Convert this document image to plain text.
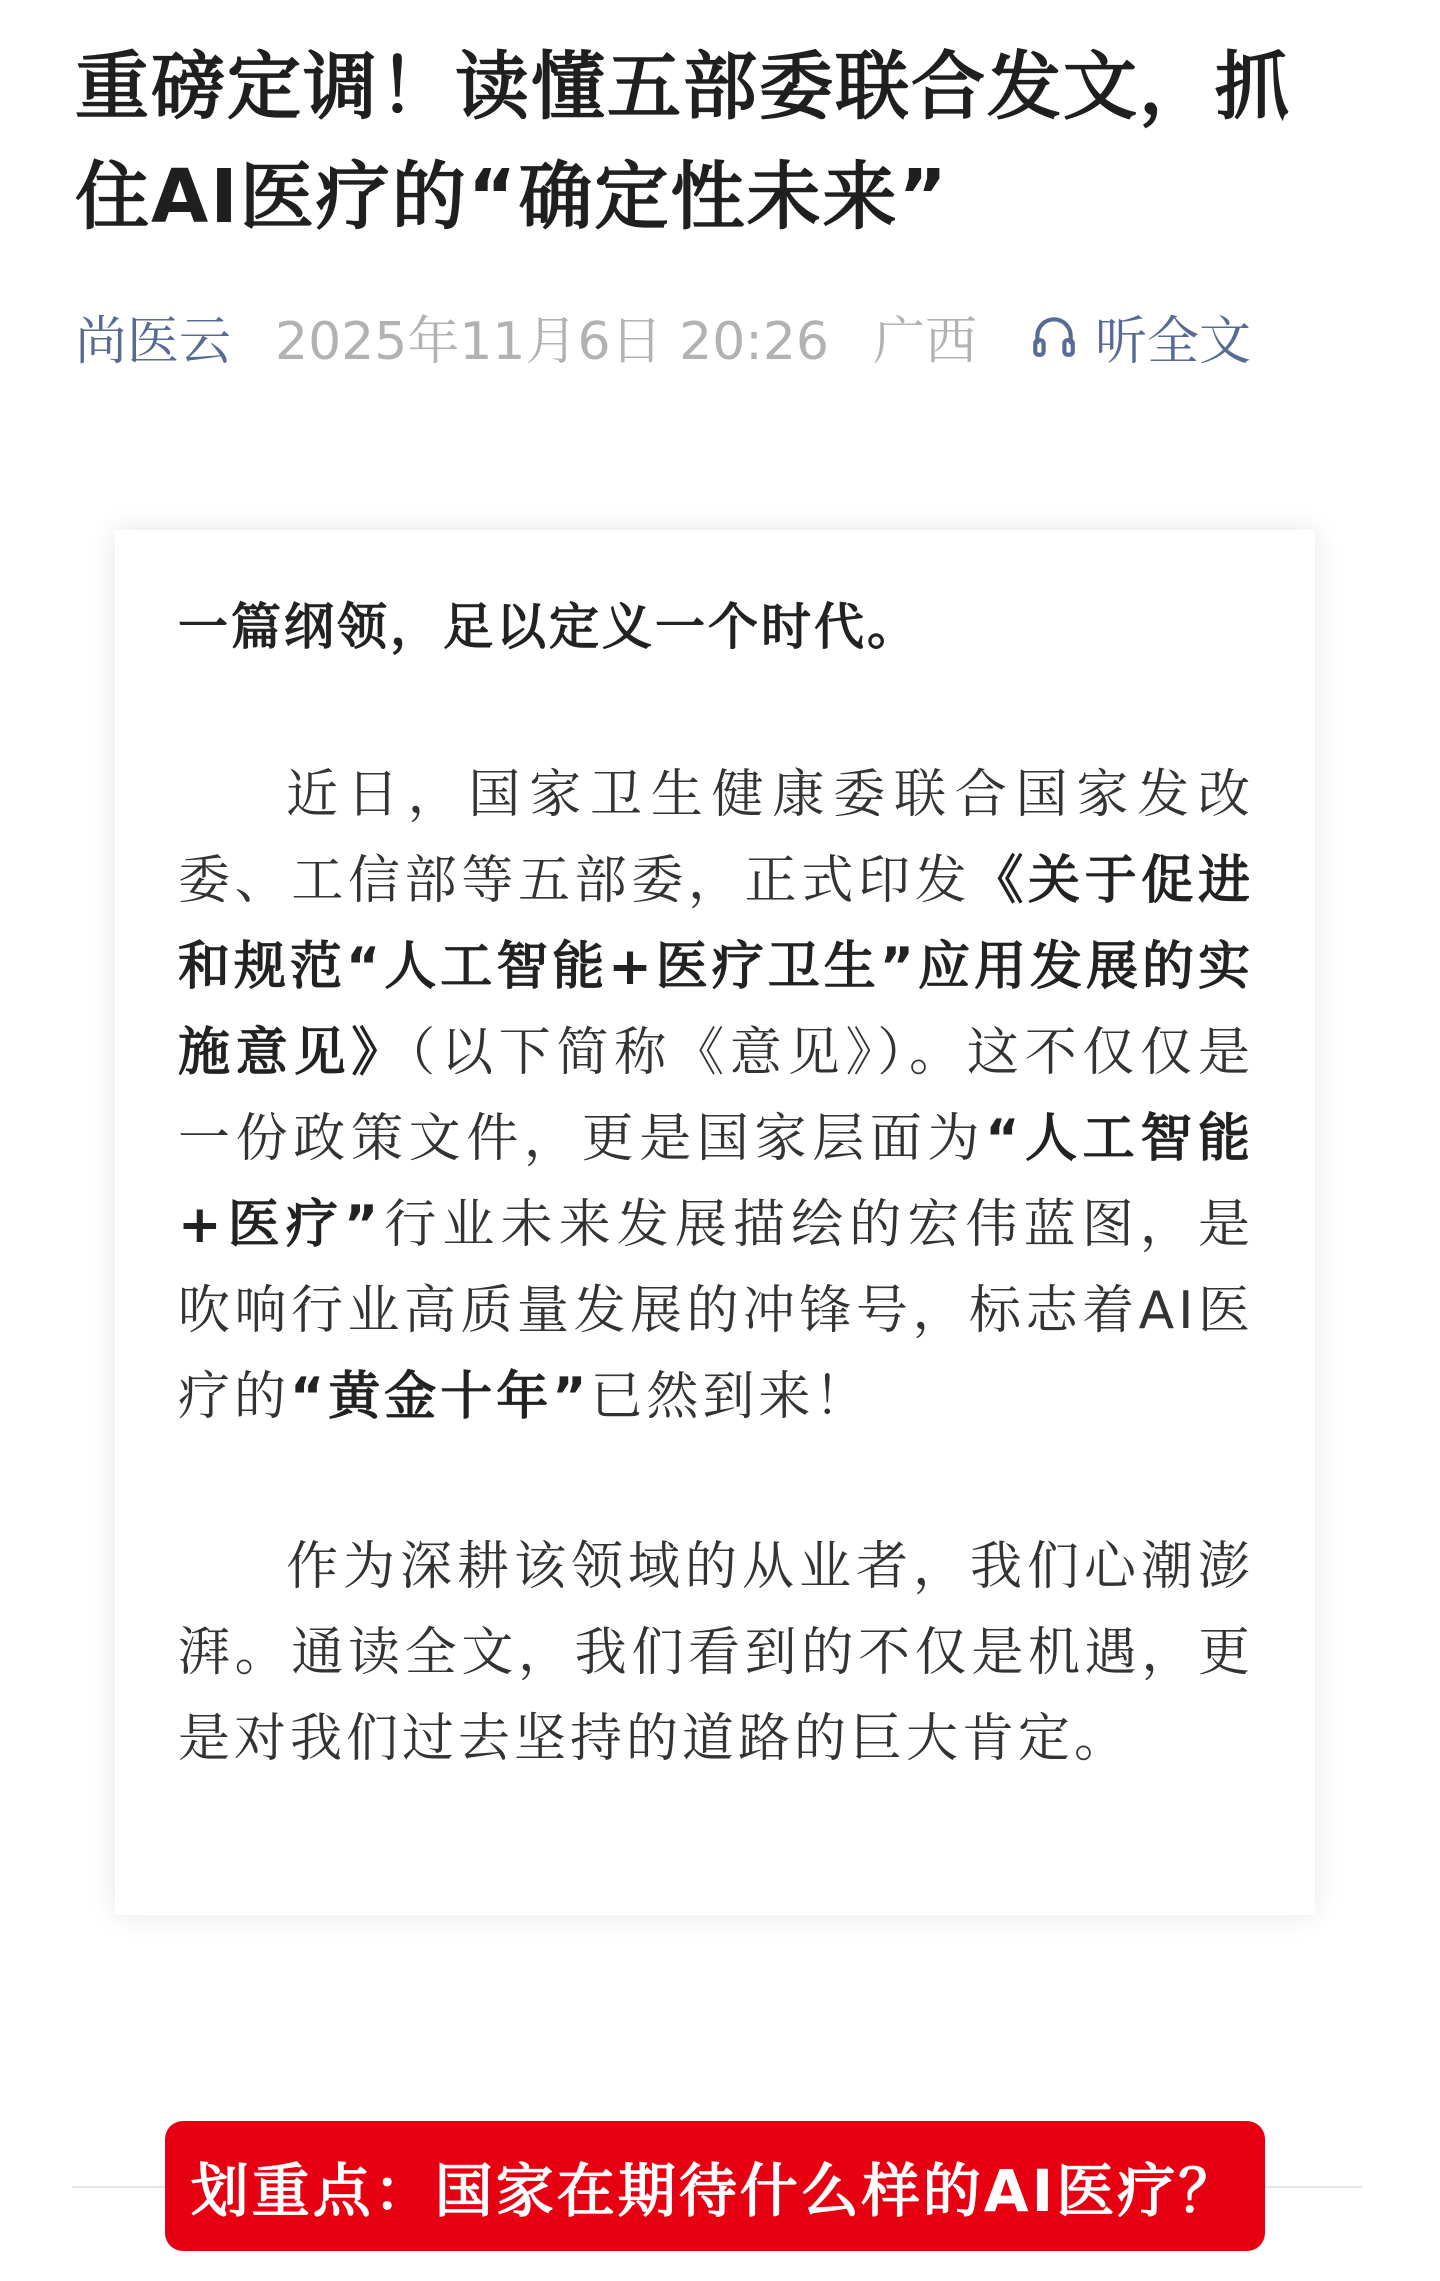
重磅定调！读懂五部委联合发文，抓住AI医疗的“确定性未来”
尚医云 2025年11月6日 20:26 广西 听全文

一篇纲领，足以定义一个时代。

近日，国家卫生健康委联合国家发改委、工信部等五部委，正式印发《关于促进和规范“人工智能+医疗卫生”应用发展的实施意见》（以下简称《意见》）。这不仅仅是一份政策文件，更是国家层面为“人工智能+医疗”行业未来发展描绘的宏伟蓝图，是吹响行业高质量发展的冲锋号，标志着AI医疗的“黄金十年”已然到来！

作为深耕该领域的从业者，我们心潮澎湃。通读全文，我们看到的不仅是机遇，更是对我们过去坚持的道路的巨大肯定。

划重点：国家在期待什么样的AI医疗？
